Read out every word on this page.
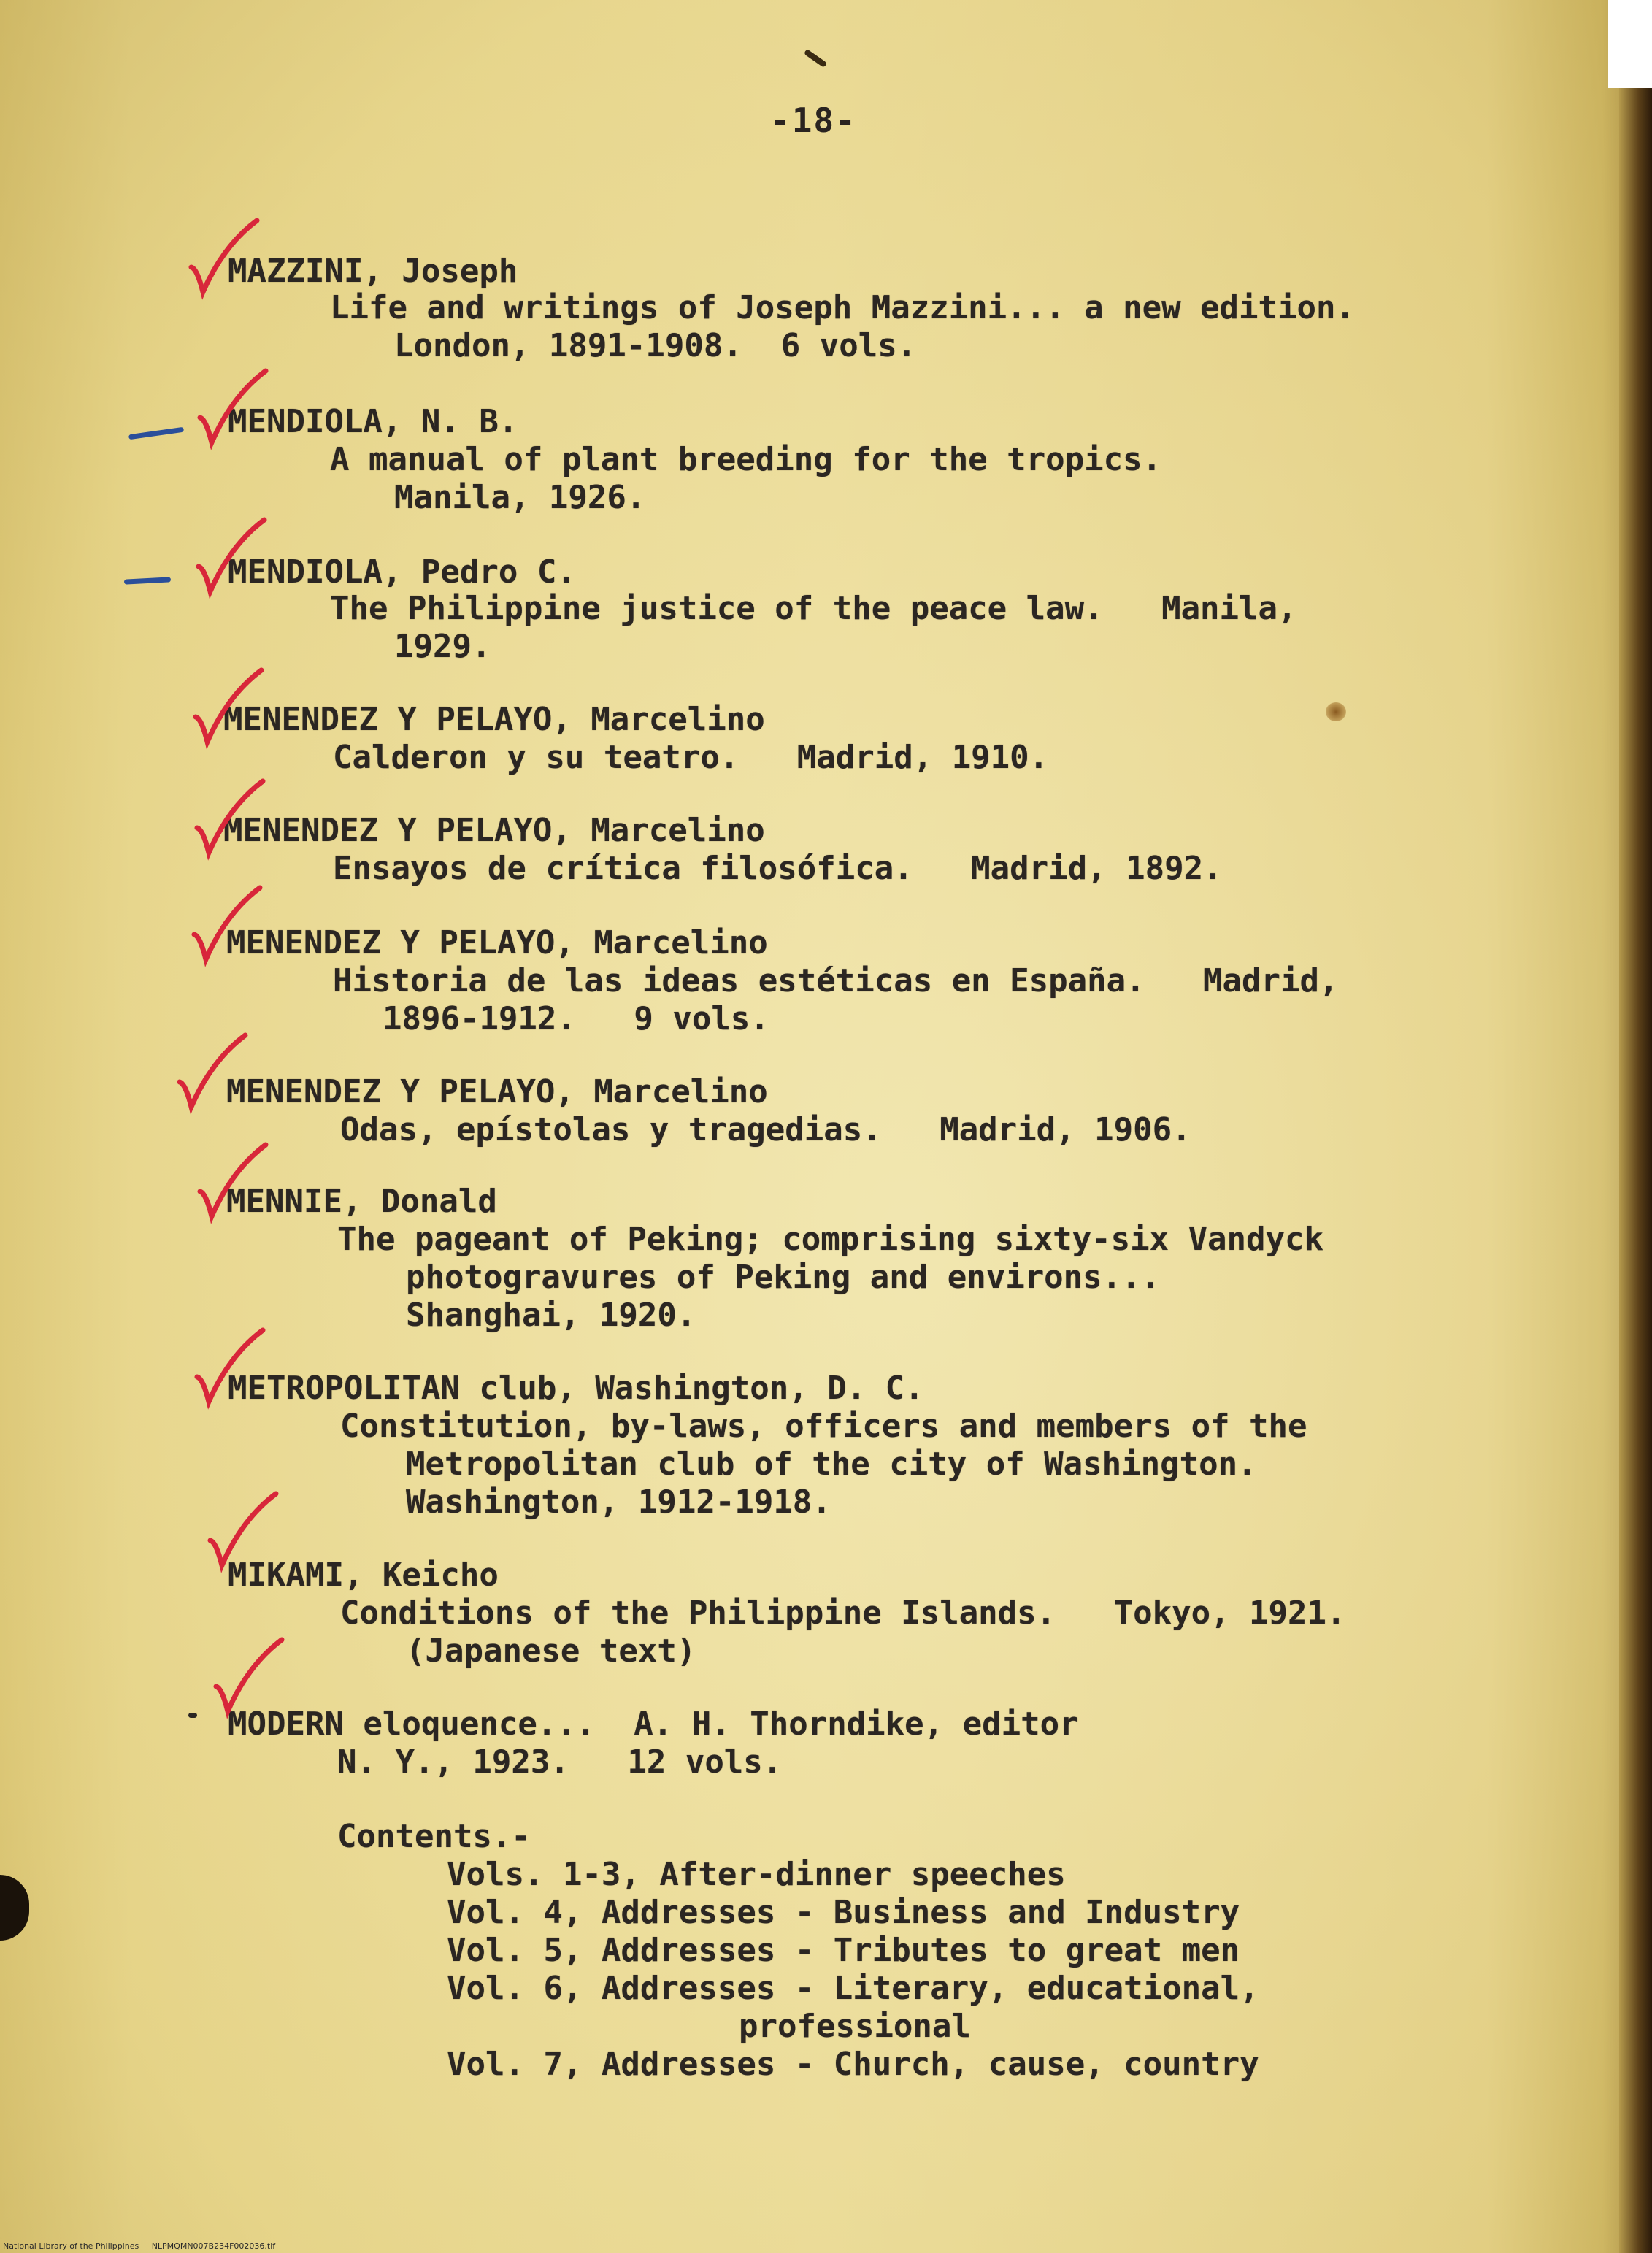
-18-
MAZZINI, Joseph
Life and writings of Joseph Mazzini... a new edition.
London, 1891-1908.  6 vols.
MENDIOLA, N. B.
A manual of plant breeding for the tropics.
Manila, 1926.
MENDIOLA, Pedro C.
The Philippine justice of the peace law.   Manila,
1929.
MENENDEZ Y PELAYO, Marcelino
Calderon y su teatro.   Madrid, 1910.
MENENDEZ Y PELAYO, Marcelino
Ensayos de crítica filosófica.   Madrid, 1892.
MENENDEZ Y PELAYO, Marcelino
Historia de las ideas estéticas en España.   Madrid,
1896-1912.   9 vols.
MENENDEZ Y PELAYO, Marcelino
Odas, epístolas y tragedias.   Madrid, 1906.
MENNIE, Donald
The pageant of Peking; comprising sixty-six Vandyck
photogravures of Peking and environs...
Shanghai, 1920.
METROPOLITAN club, Washington, D. C.
Constitution, by-laws, officers and members of the
Metropolitan club of the city of Washington.
Washington, 1912-1918.
MIKAMI, Keicho
Conditions of the Philippine Islands.   Tokyo, 1921.
(Japanese text)
MODERN eloquence...  A. H. Thorndike, editor
N. Y., 1923.   12 vols.
Contents.-
Vols. 1-3, After-dinner speeches
Vol. 4, Addresses - Business and Industry
Vol. 5, Addresses - Tributes to great men
Vol. 6, Addresses - Literary, educational,
professional
Vol. 7, Addresses - Church, cause, country
National Library of the Philippines     NLPMQMN007B234F002036.tif
